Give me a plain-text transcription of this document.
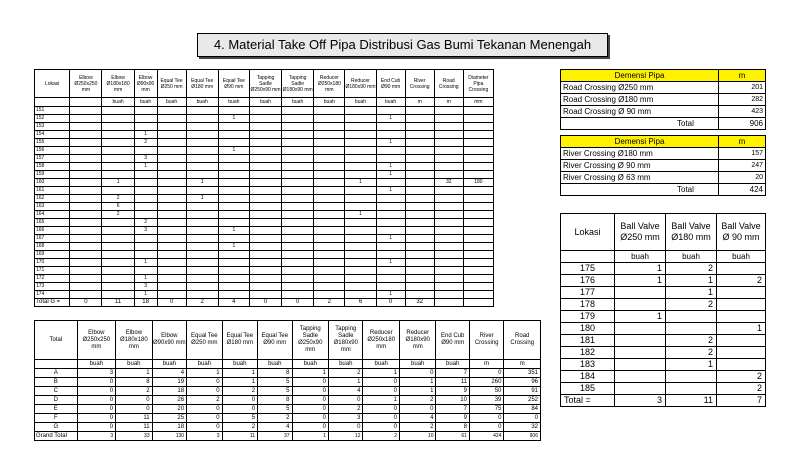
4. Material Take Off Pipa Distribusi Gas Bumi Tekanan Menengah
Lokasi	Elbow Ø250x250 mm	Elbow Ø180x180 mm	Elbow Ø90x90 mm	Equal Tee Ø250 mm	Equal Tee Ø180 mm	Equal Tee Ø90 mm	Tapping Sadle Ø250x90 mm	Tapping Sadle Ø180x90 mm	Reducer Ø250x180 mm	Reducer Ø180x90 mm	End Cub Ø90 mm	River Crossing	Road Crossing	Diameter Pipa Crossing
		buah	buah	buah	buah	buah	buah	buah	buah	buah	buah	m	m	mm
151														
152						1					1			
153														
154			1											
155			2								1			
156						1								
157			3											
158			1								1			
159											1			
160		1			1					1			32	180
161											1			
162		2			1									
163		6												
164		2								1				
165			2											
166			3			1								
167											1			
168						1								
169														
170			1								1			
171														
172			1											
173			3											
174			1								1			
Total G =	0	11	18	0	2	4	0	0	2	6	0	32		
Total	Elbow Ø250x250 mm	Elbow Ø180x180 mm	Elbow Ø90x90 mm	Equal Tee Ø250 mm	Equal Tee Ø180 mm	Equal Tee Ø90 mm	Tapping Sadle Ø250x90 mm	Tapping Sadle Ø180x90 mm	Reducer Ø250x180 mm	Reducer Ø180x90 mm	End Cub Ø90 mm	River Crossing	Road Crossing
	buah	buah	buah	buah	buah	buah	buah	buah	buah	buah	buah	m	m
A	3	1	4	1	1	8	1	2	1	0	7	0	351
B	0	8	19	0	1	5	0	1	0	1	11	260	96
C	0	2	18	0	2	5	0	4	0	1	9	50	91
D	0	0	26	2	0	8	0	0	1	2	10	39	252
E	0	0	20	0	0	5	0	2	0	0	7	75	84
F	0	11	25	0	5	2	0	3	0	4	9	0	0
G	0	11	18	0	2	4	0	0	0	2	8	0	32
Grand Total	3	33	130	3	11	37	1	12	2	10	61	424	906
Demensi Pipa	m
Road Crossing Ø250 mm	201
Road Crossing Ø180 mm	282
Road Crossing Ø 90 mm	423
Total	906
Demensi Pipa	m
River Crossing Ø180 mm	157
River Crossing Ø 90 mm	247
River Crossing Ø 63 mm	20
Total	424
Lokasi	Ball Valve Ø250 mm	Ball Valve Ø180 mm	Ball Valve Ø 90 mm
	buah	buah	buah
175	1	2	
176	1	1	2
177		1	
178		2	
179	1		
180			1
181		2	
182		2	
183		1	
184			2
185			2
Total =	3	11	7
